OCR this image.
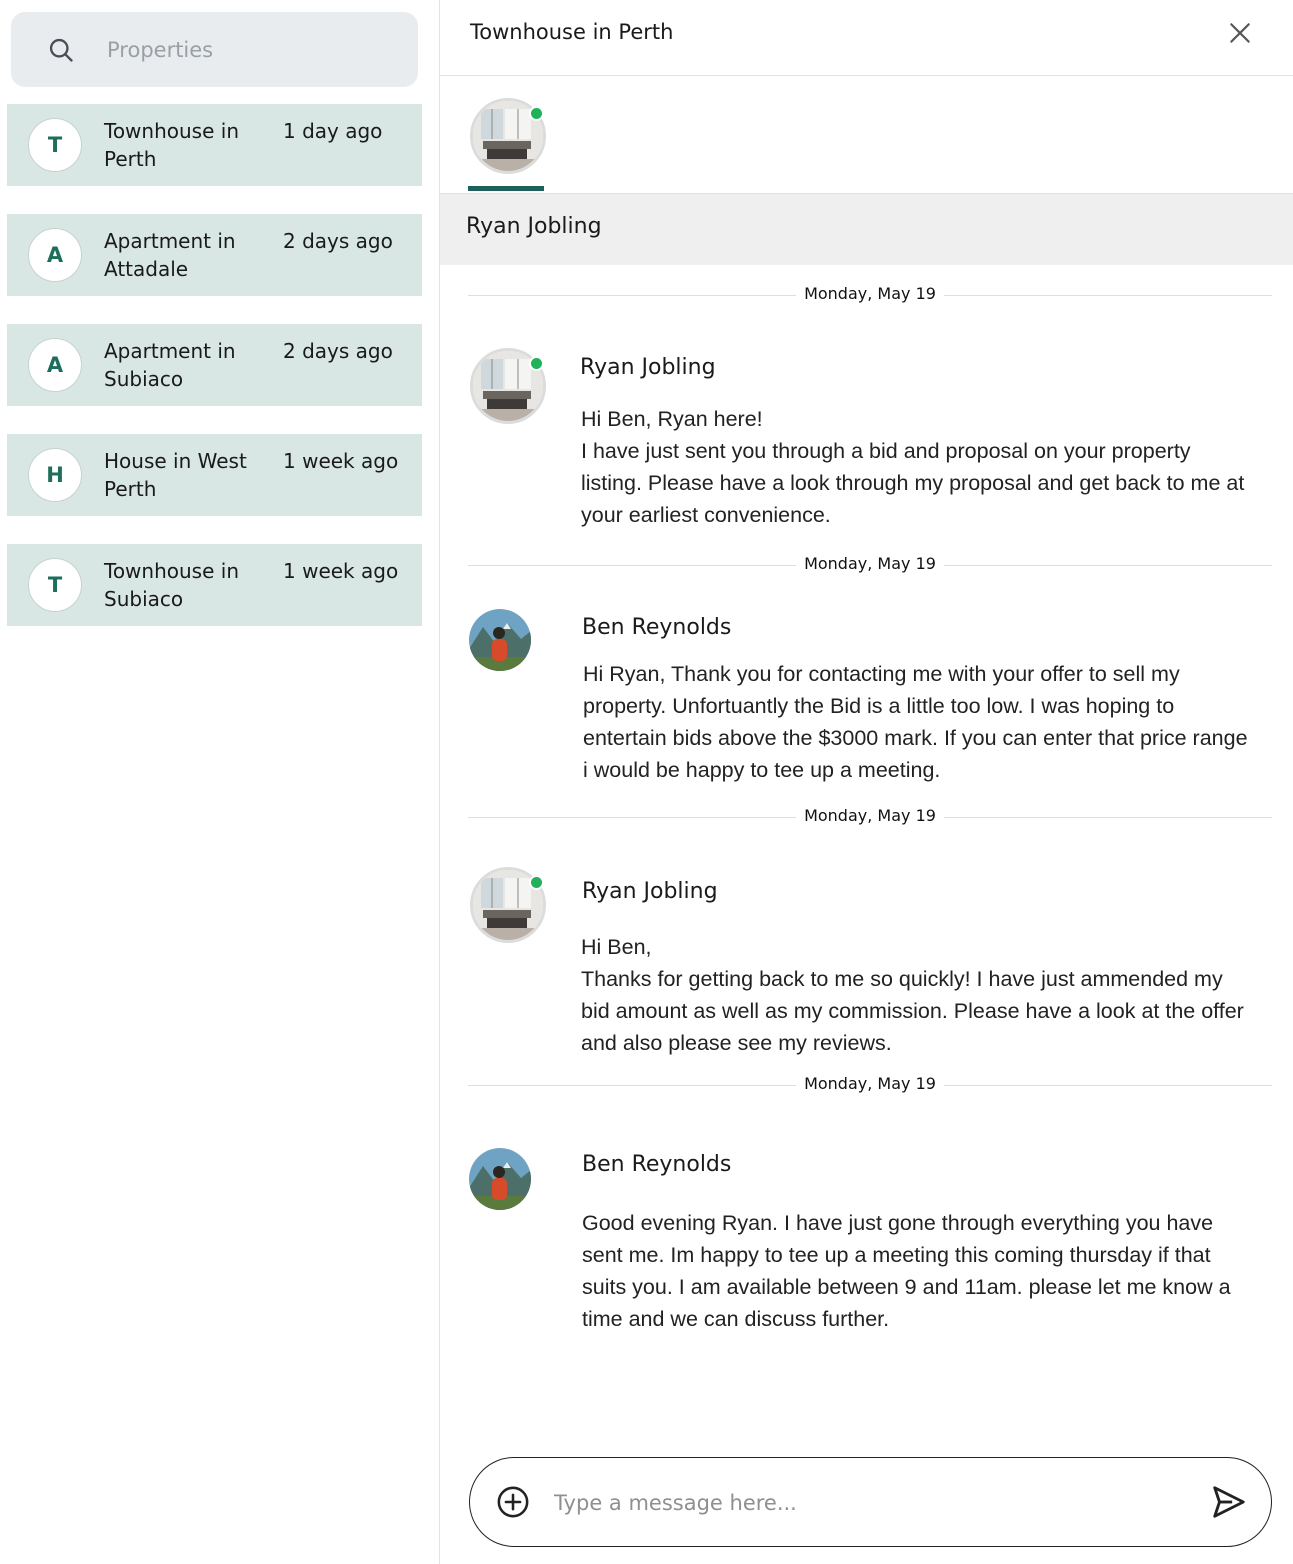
Properties
T
Townhouse in Perth
1 day ago
A
Apartment in Attadale
2 days ago
A
Apartment in Subiaco
2 days ago
H
House in West Perth
1 week ago
T
Townhouse in Subiaco
1 week ago
Townhouse in Perth
Ryan Jobling
Monday, May 19
Ryan Jobling
Hi Ben, Ryan here!
I have just sent you through a bid and proposal on your property listing. Please have a look through my proposal and get back to me at your earliest convenience.
Monday, May 19
Ben Reynolds
Hi Ryan, Thank you for contacting me with your offer to sell my property. Unfortuantly the Bid is a little too low. I was hoping to entertain bids above the $3000 mark. If you can enter that price range i would be happy to tee up a meeting.
Monday, May 19
Ryan Jobling
Hi Ben,
Thanks for getting back to me so quickly! I have just ammended my bid amount as well as my commission. Please have a look at the offer and also please see my reviews.
Monday, May 19
Ben Reynolds
Good evening Ryan. I have just gone through everything you have sent me. Im happy to tee up a meeting this coming thursday if that suits you. I am available between 9 and 11am. please let me know a time and we can discuss further.
Type a message here...
